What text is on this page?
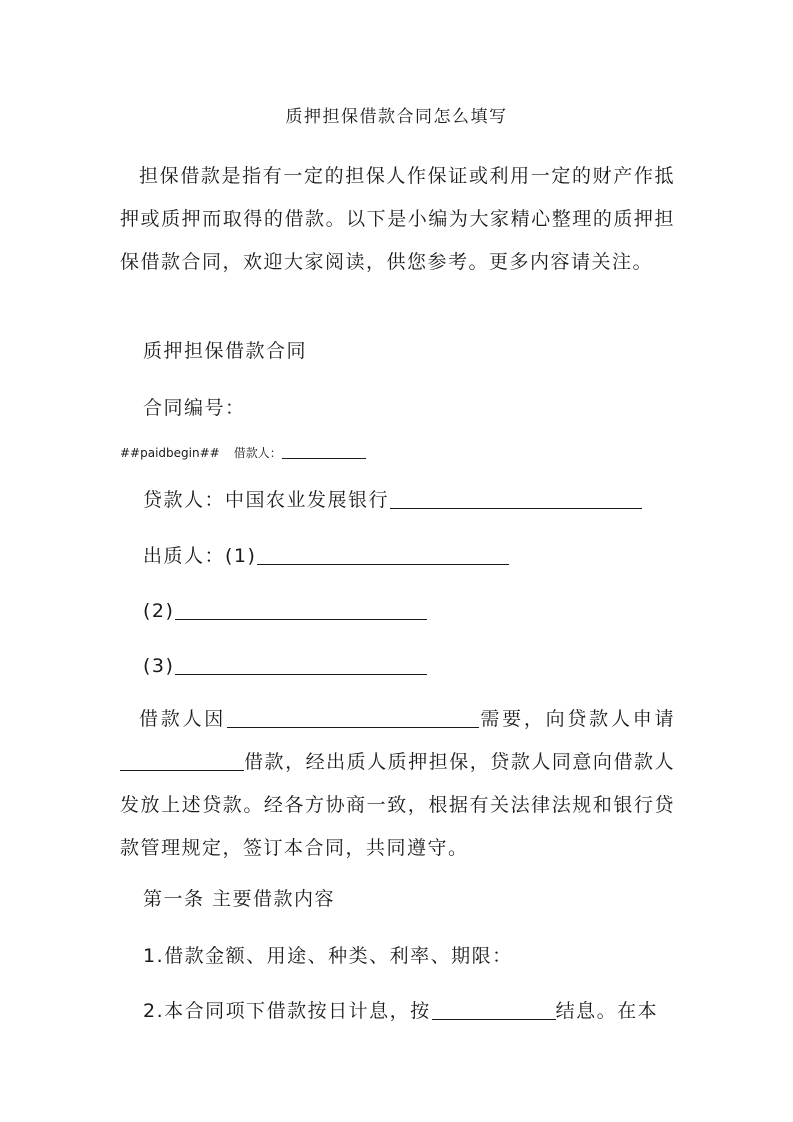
质押担保借款合同怎么填写

担保借款是指有一定的担保人作保证或利用一定的财产作抵押或质押而取得的借款。以下是小编为大家精心整理的质押担保借款合同，欢迎大家阅读，供您参考。更多内容请关注。

质押担保借款合同
合同编号：
##paidbegin## 借款人：
贷款人：中国农业发展银行
出质人：(1)
(2)
(3)

借款人因	需要，向贷款人申请借款，经出质人质押担保，贷款人同意向借款人发放上述贷款。经各方协商一致，根据有关法律法规和银行贷款管理规定，签订本合同，共同遵守。

第一条 主要借款内容
1.借款金额、用途、种类、利率、期限：
2.本合同项下借款按日计息，按	结息。在本
